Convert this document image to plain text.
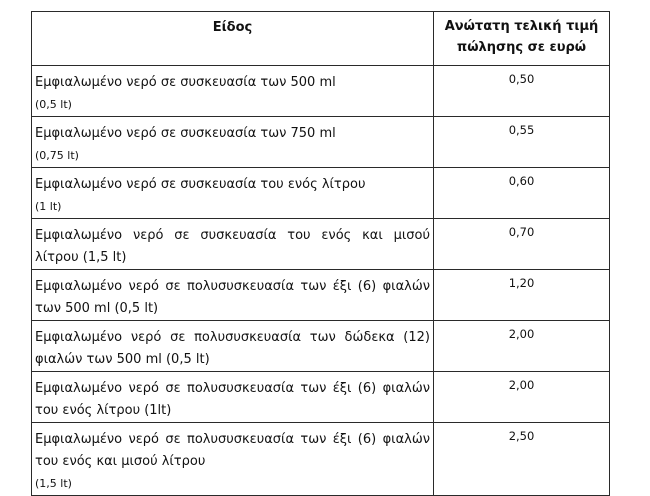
Είδος	Ανώτατη τελική τιμή πώλησης σε ευρώ
Εμφιαλωμένο νερό σε συσκευασία των 500 ml
(0,5 lt)	0,50
Εμφιαλωμένο νερό σε συσκευασία των 750 ml
(0,75 lt)	0,55
Εμφιαλωμένο νερό σε συσκευασία του ενός λίτρου
(1 lt)	0,60
Εμφιαλωμένο νερό σε συσκευασία του ενός και μισού λίτρου (1,5 lt)	0,70
Εμφιαλωμένο νερό σε πολυσυσκευασία των έξι (6) φιαλών των 500 ml (0,5 lt)	1,20
Εμφιαλωμένο νερό σε πολυσυσκευασία των δώδεκα (12) φιαλών των 500 ml (0,5 lt)	2,00
Εμφιαλωμένο νερό σε πολυσυσκευασία των έξι (6) φιαλών του ενός λίτρου (1lt)	2,00
Εμφιαλωμένο νερό σε πολυσυσκευασία των έξι (6) φιαλών του ενός και μισού λίτρου
(1,5 lt)	2,50
